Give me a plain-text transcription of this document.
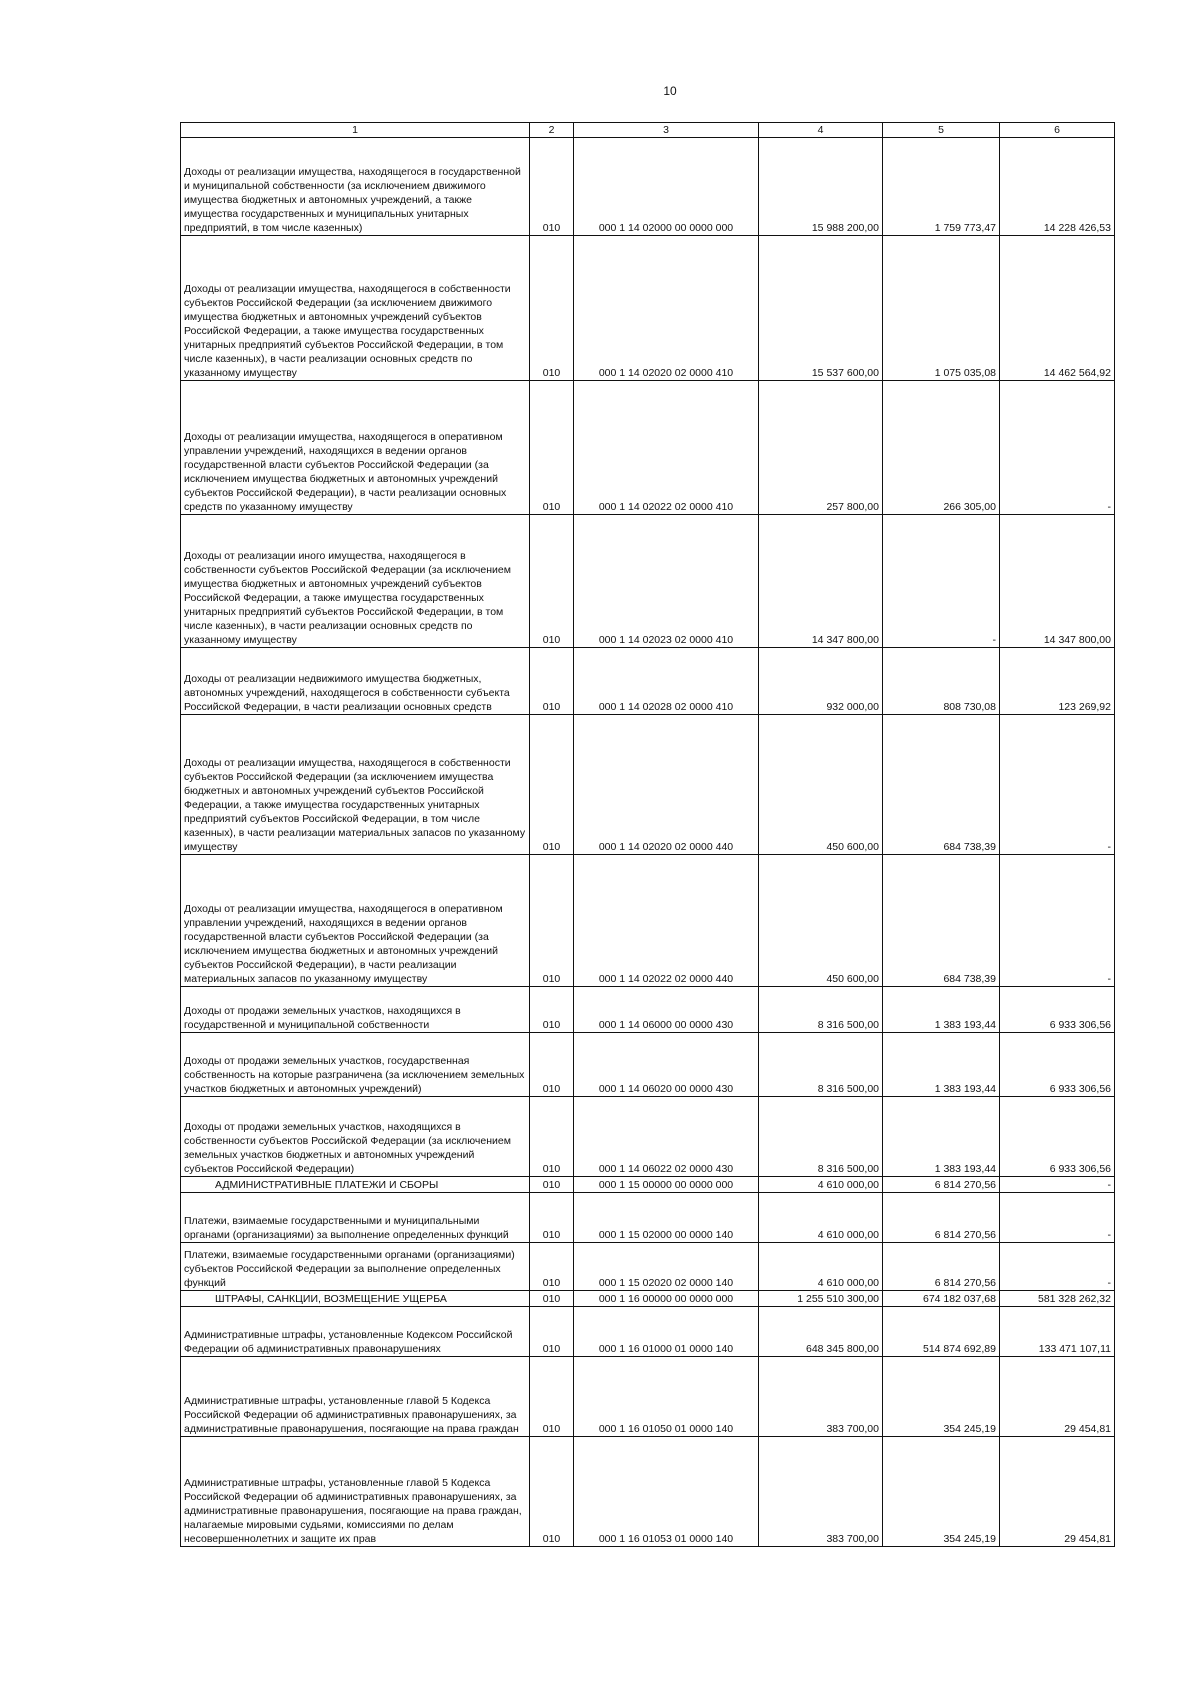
10
1	2	3	4	5	6
Доходы от реализации имущества, находящегося в государственной и муниципальной собственности (за исключением движимого имущества бюджетных и автономных учреждений, а также имущества государственных и муниципальных унитарных предприятий, в том числе казенных)	010	000 1 14 02000 00 0000 000	15 988 200,00	1 759 773,47	14 228 426,53
Доходы от реализации имущества, находящегося в собственности субъектов Российской Федерации (за исключением движимого имущества бюджетных и автономных учреждений субъектов Российской Федерации, а также имущества государственных унитарных предприятий субъектов Российской Федерации, в том числе казенных), в части реализации основных средств по указанному имуществу	010	000 1 14 02020 02 0000 410	15 537 600,00	1 075 035,08	14 462 564,92
Доходы от реализации имущества, находящегося в оперативном управлении учреждений, находящихся в ведении органов государственной власти субъектов Российской Федерации (за исключением имущества бюджетных и автономных учреждений субъектов Российской Федерации), в части реализации основных средств по указанному имуществу	010	000 1 14 02022 02 0000 410	257 800,00	266 305,00	-
Доходы от реализации иного имущества, находящегося в собственности субъектов Российской Федерации (за исключением имущества бюджетных и автономных учреждений субъектов Российской Федерации, а также имущества государственных унитарных предприятий субъектов Российской Федерации, в том числе казенных), в части реализации основных средств по указанному имуществу	010	000 1 14 02023 02 0000 410	14 347 800,00	-	14 347 800,00
Доходы от реализации недвижимого имущества бюджетных, автономных учреждений, находящегося в собственности субъекта Российской Федерации, в части реализации основных средств	010	000 1 14 02028 02 0000 410	932 000,00	808 730,08	123 269,92
Доходы от реализации имущества, находящегося в собственности субъектов Российской Федерации (за исключением имущества бюджетных и автономных учреждений субъектов Российской Федерации, а также имущества государственных унитарных предприятий субъектов Российской Федерации, в том числе казенных), в части реализации материальных запасов по указанному имуществу	010	000 1 14 02020 02 0000 440	450 600,00	684 738,39	-
Доходы от реализации имущества, находящегося в оперативном управлении учреждений, находящихся в ведении органов государственной власти субъектов Российской Федерации (за исключением имущества бюджетных и автономных учреждений субъектов Российской Федерации), в части реализации материальных запасов по указанному имуществу	010	000 1 14 02022 02 0000 440	450 600,00	684 738,39	-
Доходы от продажи земельных участков, находящихся в государственной и муниципальной собственности	010	000 1 14 06000 00 0000 430	8 316 500,00	1 383 193,44	6 933 306,56
Доходы от продажи земельных участков, государственная собственность на которые разграничена (за исключением земельных участков бюджетных и автономных учреждений)	010	000 1 14 06020 00 0000 430	8 316 500,00	1 383 193,44	6 933 306,56
Доходы от продажи земельных участков, находящихся в собственности субъектов Российской Федерации (за исключением земельных участков бюджетных и автономных учреждений субъектов Российской Федерации)	010	000 1 14 06022 02 0000 430	8 316 500,00	1 383 193,44	6 933 306,56
АДМИНИСТРАТИВНЫЕ ПЛАТЕЖИ И СБОРЫ	010	000 1 15 00000 00 0000 000	4 610 000,00	6 814 270,56	-
Платежи, взимаемые государственными и муниципальными органами (организациями) за выполнение определенных функций	010	000 1 15 02000 00 0000 140	4 610 000,00	6 814 270,56	-
Платежи, взимаемые государственными органами (организациями) субъектов Российской Федерации за выполнение определенных функций	010	000 1 15 02020 02 0000 140	4 610 000,00	6 814 270,56	-
ШТРАФЫ, САНКЦИИ, ВОЗМЕЩЕНИЕ УЩЕРБА	010	000 1 16 00000 00 0000 000	1 255 510 300,00	674 182 037,68	581 328 262,32
Административные штрафы, установленные Кодексом Российской Федерации об административных правонарушениях	010	000 1 16 01000 01 0000 140	648 345 800,00	514 874 692,89	133 471 107,11
Административные штрафы, установленные главой 5 Кодекса Российской Федерации об административных правонарушениях, за административные правонарушения, посягающие на права граждан	010	000 1 16 01050 01 0000 140	383 700,00	354 245,19	29 454,81
Административные штрафы, установленные главой 5 Кодекса Российской Федерации об административных правонарушениях, за административные правонарушения, посягающие на права граждан, налагаемые мировыми судьями, комиссиями по делам несовершеннолетних и защите их прав	010	000 1 16 01053 01 0000 140	383 700,00	354 245,19	29 454,81
